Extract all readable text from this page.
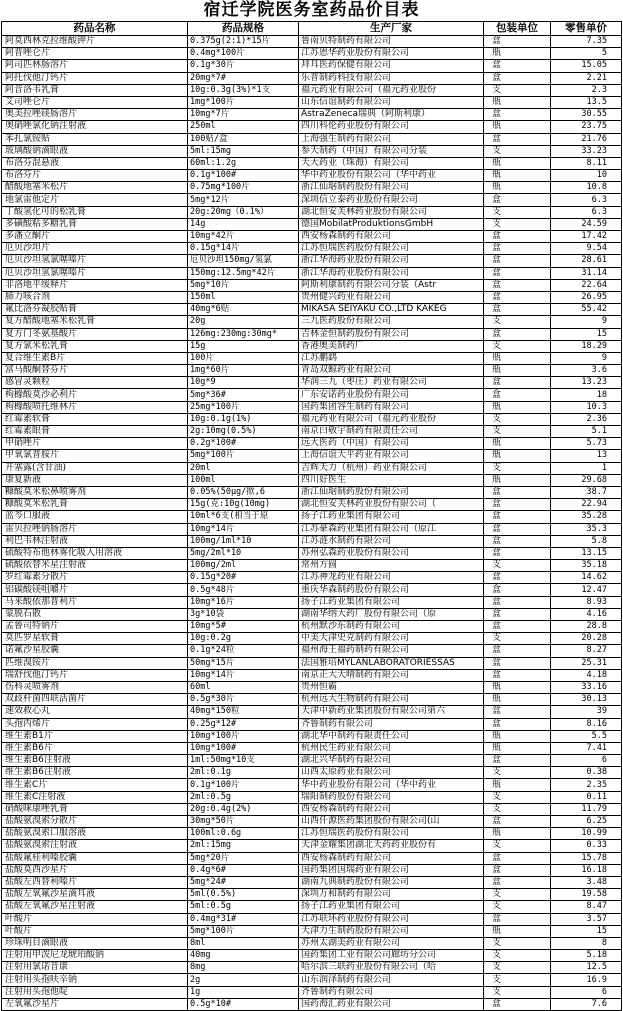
宿迁学院医务室药品价目表
药品名称	药品规格	生产厂家	包装单位	零售单价
阿莫西林克拉维酸钾片	0.375g(2:1)*15片	鲁南贝特制药有限公司	盒	7.35
阿普唑仑片	0.4mg*100片	江苏恩华药业股份有限公司	瓶	5
阿司匹林肠溶片	0.1g*30片	拜耳医药保健有限公司	盒	15.05
阿托伐他汀钙片	20mg*7#	乐普制药科技有限公司	盒	2.21
阿昔洛韦乳膏	10g:0.3g(3%)*1支	福元药业有限公司（福元药业股份	支	2.3
艾司唑仑片	1mg*100片	山东信谊制药有限公司	瓶	13.5
奥美拉唑镁肠溶片	10mg*7片	AstraZeneca瑞典（阿斯利康）	盒	30.55
奥硝唑氯化钠注射液	250ml	四川科伦药业股份有限公司	瓶	23.75
苯扎氯铵贴	100贴/盒	上海强生制药有限公司	盒	21.76
玻璃酸钠滴眼液	5ml:15mg	参天制药（中国）有限公司分装	支	33.23
布洛芬混悬液	60ml:1.2g	天大药业（珠海）有限公司	瓶	8.11
布洛芬片	0.1g*100#	华中药业股份有限公司（华中药业	瓶	10
醋酸地塞米松片	0.75mg*100片	浙江仙琚制药股份有限公司	瓶	10.8
地氯雷他定片	5mg*12片	深圳信立泰药业股份有限公司	盒	6.3
丁酸氢化可的松乳膏	20g:20mg（0.1%）	湖北恒安芙林药业股份有限公司	支	6.3
多磺酸粘多糖乳膏	14g	德国MobilatProduktionsGmbH	支	24.59
多潘立酮片	10mg*42片	西安杨森制药有限公司	盒	17.42
厄贝沙坦片	0.15g*14片	江苏恒瑞医药股份有限公司	盒	9.54
厄贝沙坦氢氯噻嗪片	厄贝沙坦150mg/氢氯	浙江华海药业股份有限公司	盒	28.61
厄贝沙坦氢氯噻嗪片	150mg:12.5mg*42片	浙江华海药业股份有限公司	盒	31.14
非洛地平缓释片	5mg*10片	阿斯利康制药有限公司分装（Astr	盒	22.64
肺力咳合剂	150ml	贵州健兴药业有限公司	盒	26.95
氟比洛芬凝胶贴膏	40mg*6贴	MIKASA SEIYAKU CO.,LTD KAKEG	盒	55.42
复方醋酸地塞米松乳膏	20g	三九医药股份有限公司	支	9
复方门冬氨基酸片	126mg:230mg:30mg*	吉林金恒制药股份有限公司	盒	15
复方氯米松乳膏	15g	香港奥美制药厂	支	18.29
复合维生素B片	100片	江苏鹏鹞	瓶	9
富马酸酮替芬片	1mg*60片	青岛双鲸药业有限公司	瓶	3.6
感冒灵颗粒	10g*9	华润三九（枣庄）药业有限公司	盒	13.23
枸橼酸莫沙必利片	5mg*36#	广东安诺药业股份有限公司	盒	18
枸橼酸喷托维林片	25mg*100片	国药集团容生制药有限公司	瓶	10.3
红霉素软膏	10g:0.1g(1%)	福元药业有限公司（福元药业股份	支	2.36
红霉素眼膏	2g:10mg(0.5%)	南京白敬宇制药有限责任公司	支	5.1
甲硝唑片	0.2g*100#	远大医药（中国）有限公司	瓶	5.73
甲氧氯普胺片	5mg*100片	上海信谊天平药业有限公司	瓶	13
开塞露(含甘油)	20ml	吉辉天力（杭州）药业有限公司	支	1
康复新液	100ml	四川好医生	瓶	29.68
糠酸莫米松鼻喷雾剂	0.05%(50μg/揿,6	浙江仙琚制药股份有限公司	盒	38.7
糠酸莫米松乳膏	15g(克:10g(10mg)	湖北恒安芙林药业股份有限公司（	盒	22.94
蓝芩口服液	10ml*6支(相当于原	扬子江药业集团有限公司	盒	35.28
雷贝拉唑钠肠溶片	10mg*14片	江苏豪森药业集团有限公司（原江	盒	35.3
利巴韦林注射液	100mg/1ml*10	江苏涟水制药有限公司	盒	5.8
硫酸特布他林雾化吸入用溶液	5mg/2ml*10	苏州弘森药业股份有限公司	盒	13.15
硫酸依替米星注射液	100mg/2ml	常州方圆	支	35.18
罗红霉素分散片	0.15g*20#	江苏神龙药业有限公司	盒	14.62
铝碳酸镁咀嚼片	0.5g*48片	重庆华森制药股份有限公司	盒	12.47
马来酸依那普利片	10mg*16片	扬子江药业集团有限公司	盒	8.93
蒙脱石散	3g*10袋	湖南华纳大药厂股份有限公司（原	盒	4.16
孟鲁司特钠片	10mg*5#	杭州默沙东制药有限公司	盒	28.8
莫匹罗星软膏	10g:0.2g	中美天津史克制药有限公司	支	20.28
诺氟沙星胶囊	0.1g*24粒	福州海王福药制药有限公司	盒	8.27
匹维溴铵片	50mg*15片	法国雅培MYLANLABORATORIESSAS	盒	25.31
瑞舒伐他汀钙片	10mg*14片	南京正大天晴制药有限公司	盒	4.18
伤科灵喷雾剂	60ml	贵州恒霸	瓶	33.16
双歧杆菌四联活菌片	0.5g*30片	杭州远大生物制药有限公司	瓶	30.13
速效救心丸	40mg*150粒	天津中新药业集团股份有限公司第六	盒	39
头孢丙烯片	0.25g*12#	齐鲁制药有限公司	盒	8.16
维生素B1片	10mg*100片	湖北华中制药有限责任公司	瓶	5.5
维生素B6片	10mg*100#	杭州民生药业有限公司	瓶	7.41
维生素B6注射液	1ml:50mg*10支	湖北兴华制药有限公司	盒	6
维生素B6注射液	2ml:0.1g	山西太原药业有限公司	支	0.38
维生素C片	0.1g*100片	华中药业股份有限公司（华中药业	瓶	2.35
维生素C注射液	2ml:0.5g	瑞阳制药股份有限公司	支	0.11
硝酸咪康唑乳膏	20g:0.4g(2%)	西安杨森制药有限公司	支	11.79
盐酸氨溴索分散片	30mg*50片	山西仟源医药集团股份有限公司(山	盒	6.25
盐酸氨溴索口服溶液	100ml:0.6g	江苏恒瑞医药股份有限公司	瓶	10.99
盐酸氨溴索注射液	2ml:15mg	天津金耀集团湖北天药药业股份有	支	0.33
盐酸氟桂利嗪胶囊	5mg*20片	西安杨森制药有限公司	盒	15.78
盐酸莫西沙星片	0.4g*6#	国药集团国瑞药业有限公司	盒	16.18
盐酸左西替利嗪片	5mg*24#	湖南九典制药股份有限公司	盒	3.48
盐酸左氧氟沙星滴耳液	5ml(0.5%)	深圳万和制药有限公司	支	19.58
盐酸左氧氟沙星注射液	5ml:0.5g	扬子江药业集团有限公司	支	8.47
叶酸片	0.4mg*31#	江苏联环药业股份有限公司	盒	3.57
叶酸片	5mg*100片	天津力生制药股份有限公司	瓶	15
珍珠明目滴眼液	8ml	苏州太湖美药业有限公司	支	8
注射用甲泼尼龙琥珀酸钠	40mg	国药集团工业有限公司廊坊分公司	支	5.18
注射用氯诺昔康	8mg	哈尔滨三联药业股份有限公司（哈	支	12.5
注射用头孢呋辛钠	2g	山东润泽制药有限公司	支	16.9
注射用头孢他啶	1g	齐鲁制药有限公司	支	6
左氧氟沙星片	0.5g*10#	国药海汇药业有限公司	盒	7.6
